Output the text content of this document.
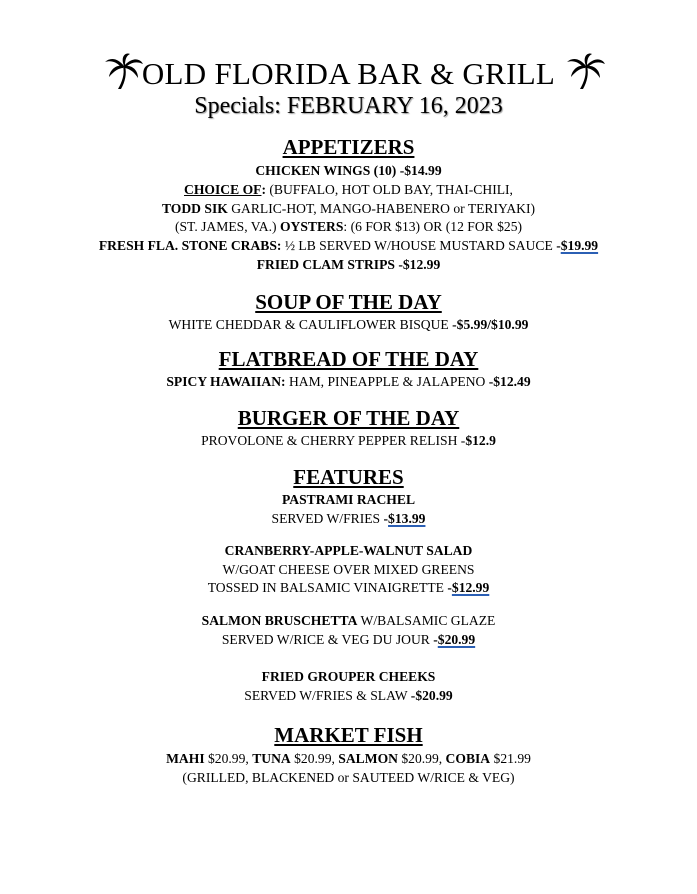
OLD FLORIDA BAR & GRILL
Specials: FEBRUARY 16, 2023
APPETIZERS
CHICKEN WINGS (10) -$14.99
CHOICE OF: (BUFFALO, HOT OLD BAY, THAI-CHILI,
TODD SIK GARLIC-HOT, MANGO-HABENERO or TERIYAKI)
(ST. JAMES, VA.) OYSTERS: (6 FOR $13) OR (12 FOR $25)
FRESH FLA. STONE CRABS: ½ LB SERVED W/HOUSE MUSTARD SAUCE -$19.99
FRIED CLAM STRIPS -$12.99
SOUP OF THE DAY
WHITE CHEDDAR & CAULIFLOWER BISQUE -$5.99/$10.99
FLATBREAD OF THE DAY
SPICY HAWAIIAN: HAM, PINEAPPLE & JALAPENO -$12.49
BURGER OF THE DAY
PROVOLONE & CHERRY PEPPER RELISH -$12.9
FEATURES
PASTRAMI RACHEL
SERVED W/FRIES -$13.99
CRANBERRY-APPLE-WALNUT SALAD
W/GOAT CHEESE OVER MIXED GREENS
TOSSED IN BALSAMIC VINAIGRETTE -$12.99
SALMON BRUSCHETTA W/BALSAMIC GLAZE
SERVED W/RICE & VEG DU JOUR -$20.99
FRIED GROUPER CHEEKS
SERVED W/FRIES & SLAW -$20.99
MARKET FISH
MAHI $20.99, TUNA $20.99, SALMON $20.99, COBIA $21.99
(GRILLED, BLACKENED or SAUTEED W/RICE & VEG)
